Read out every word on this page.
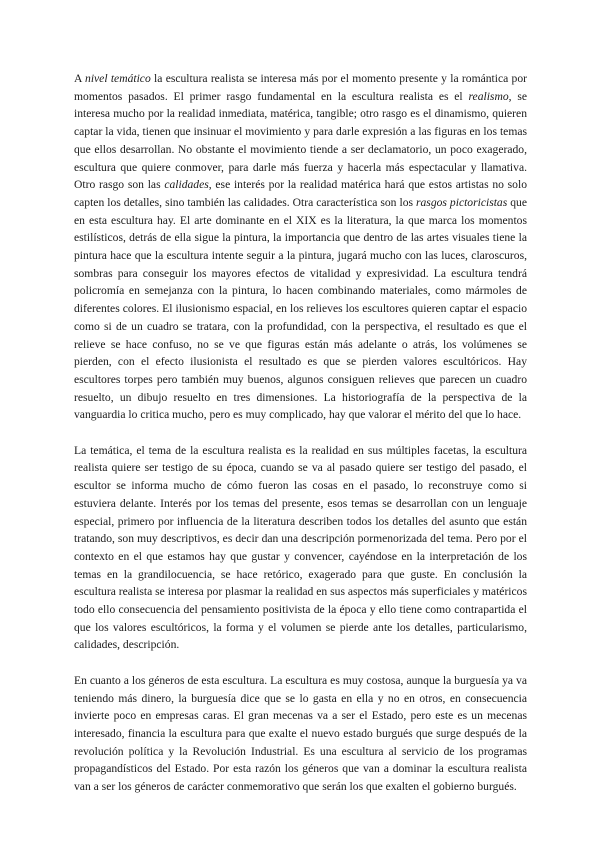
A nivel temático la escultura realista se interesa más por el momento presente y la romántica por momentos pasados. El primer rasgo fundamental en la escultura realista es el realismo, se interesa mucho por la realidad inmediata, matérica, tangible; otro rasgo es el dinamismo, quieren captar la vida, tienen que insinuar el movimiento y para darle expresión a las figuras en los temas que ellos desarrollan. No obstante el movimiento tiende a ser declamatorio, un poco exagerado, escultura que quiere conmover, para darle más fuerza y hacerla más espectacular y llamativa. Otro rasgo son las calidades, ese interés por la realidad matérica hará que estos artistas no solo capten los detalles, sino también las calidades. Otra característica son los rasgos pictoricistas que en esta escultura hay. El arte dominante en el XIX es la literatura, la que marca los momentos estilísticos, detrás de ella sigue la pintura, la importancia que dentro de las artes visuales tiene la pintura hace que la escultura intente seguir a la pintura, jugará mucho con las luces, claroscuros, sombras para conseguir los mayores efectos de vitalidad y expresividad. La escultura tendrá policromía en semejanza con la pintura, lo hacen combinando materiales, como mármoles de diferentes colores. El ilusionismo espacial, en los relieves los escultores quieren captar el espacio como si de un cuadro se tratara, con la profundidad, con la perspectiva, el resultado es que el relieve se hace confuso, no se ve que figuras están más adelante o atrás, los volúmenes se pierden, con el efecto ilusionista el resultado es que se pierden valores escultóricos. Hay escultores torpes pero también muy buenos, algunos consiguen relieves que parecen un cuadro resuelto, un dibujo resuelto en tres dimensiones. La historiografía de la perspectiva de la vanguardia lo critica mucho, pero es muy complicado, hay que valorar el mérito del que lo hace.

La temática, el tema de la escultura realista es la realidad en sus múltiples facetas, la escultura realista quiere ser testigo de su época, cuando se va al pasado quiere ser testigo del pasado, el escultor se informa mucho de cómo fueron las cosas en el pasado, lo reconstruye como si estuviera delante. Interés por los temas del presente, esos temas se desarrollan con un lenguaje especial, primero por influencia de la literatura describen todos los detalles del asunto que están tratando, son muy descriptivos, es decir dan una descripción pormenorizada del tema. Pero por el contexto en el que estamos hay que gustar y convencer, cayéndose en la interpretación de los temas en la grandilocuencia, se hace retórico, exagerado para que guste. En conclusión la escultura realista se interesa por plasmar la realidad en sus aspectos más superficiales y matéricos todo ello consecuencia del pensamiento positivista de la época y ello tiene como contrapartida el que los valores escultóricos, la forma y el volumen se pierde ante los detalles, particularismo, calidades, descripción.

En cuanto a los géneros de esta escultura. La escultura es muy costosa, aunque la burguesía ya va teniendo más dinero, la burguesía dice que se lo gasta en ella y no en otros, en consecuencia invierte poco en empresas caras. El gran mecenas va a ser el Estado, pero este es un mecenas interesado, financia la escultura para que exalte el nuevo estado burgués que surge después de la revolución política y la Revolución Industrial. Es una escultura al servicio de los programas propagandísticos del Estado. Por esta razón los géneros que van a dominar la escultura realista van a ser los géneros de carácter conmemorativo que serán los que exalten el gobierno burgués.
